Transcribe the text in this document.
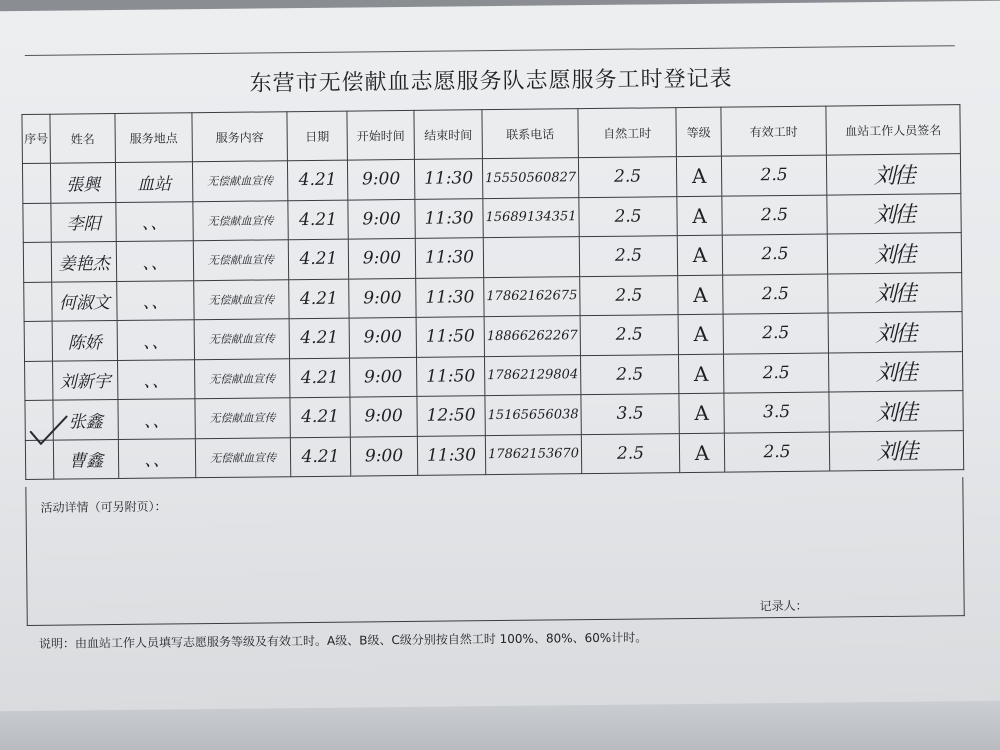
东营市无偿献血志愿服务队志愿服务工时登记表
序号	姓名	服务地点	服务内容	日期	开始时间	结束时间	联系电话	自然工时	等级	有效工时	血站工作人员签名
	張興	血站	无偿献血宣传	4.21	9:00	11:30	15550560827	2.5	A	2.5	刘佳
	李阳	、、	无偿献血宣传	4.21	9:00	11:30	15689134351	2.5	A	2.5	刘佳
	姜艳杰	、、	无偿献血宣传	4.21	9:00	11:30		2.5	A	2.5	刘佳
	何淑文	、、	无偿献血宣传	4.21	9:00	11:30	17862162675	2.5	A	2.5	刘佳
	陈娇	、、	无偿献血宣传	4.21	9:00	11:50	18866262267	2.5	A	2.5	刘佳
	刘新宇	、、	无偿献血宣传	4.21	9:00	11:50	17862129804	2.5	A	2.5	刘佳
	张鑫	、、	无偿献血宣传	4.21	9:00	12:50	15165656038	3.5	A	3.5	刘佳
	曹鑫	、、	无偿献血宣传	4.21	9:00	11:30	17862153670	2.5	A	2.5	刘佳
活动详情（可另附页）：
记录人：
说明：由血站工作人员填写志愿服务等级及有效工时。A级、B级、C级分别按自然工时 100%、80%、60%计时。
